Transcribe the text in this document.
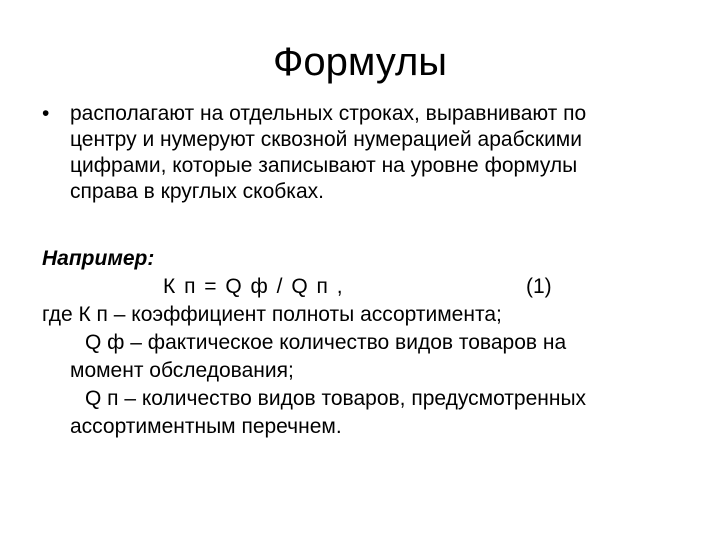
Формулы
• располагают на отдельных строках, выравнивают по
центру и нумеруют сквозной нумерацией арабскими
цифрами, которые записывают на уровне формулы
справа в круглых скобках.
Например:
К п = Q ф / Q п ,	(1)
где К п – коэффициент полноты ассортимента;
Q ф – фактическое количество видов товаров на
момент обследования;
Q п – количество видов товаров, предусмотренных
ассортиментным перечнем.
